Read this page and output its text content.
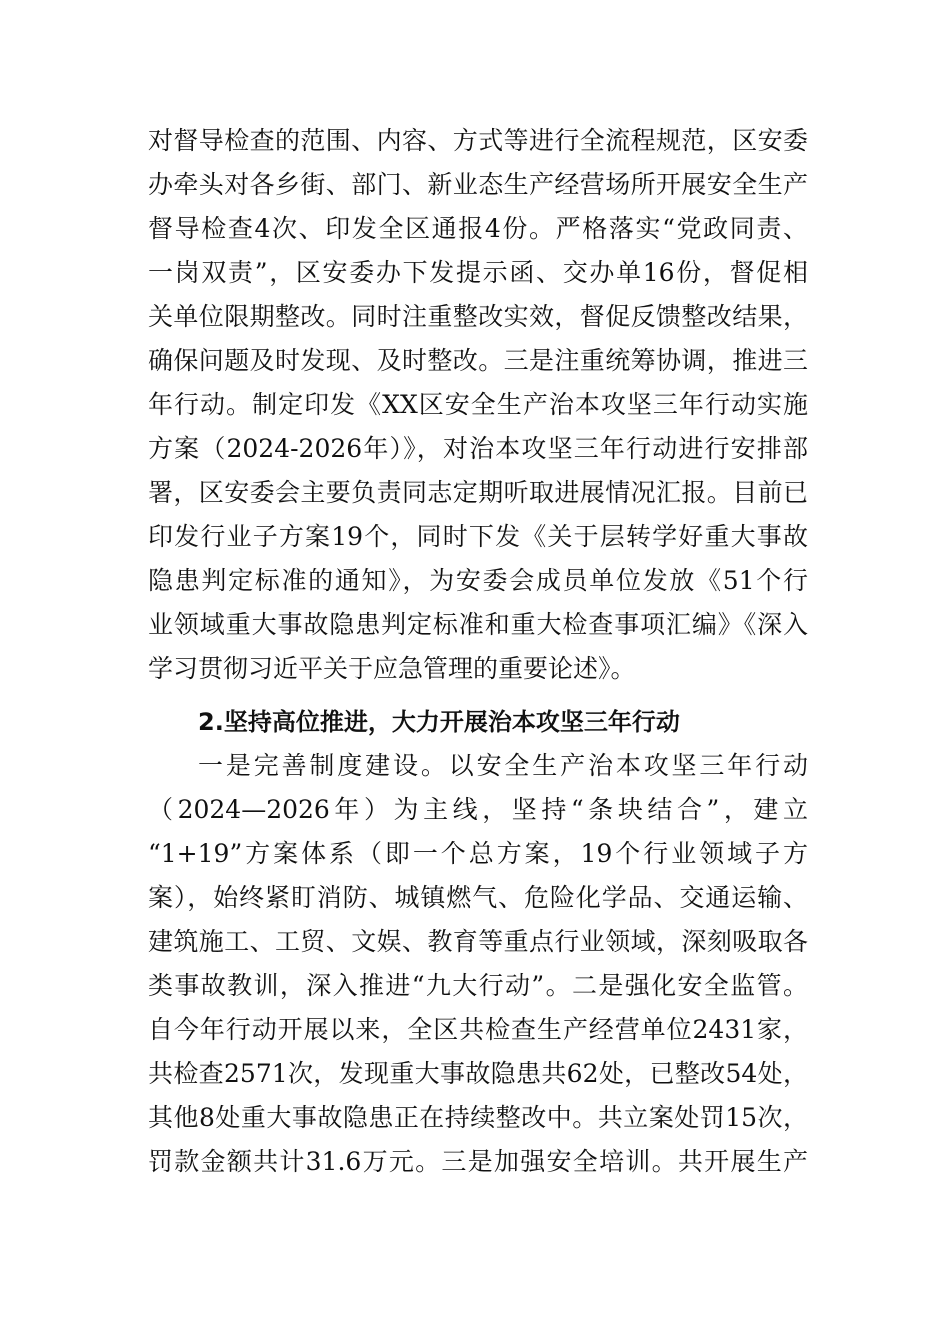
对督导检查的范围、内容、方式等进行全流程规范，区安委
办牵头对各乡街、部门、新业态生产经营场所开展安全生产
督导检查4次、印发全区通报4份。严格落实“党政同责、
一岗双责”，区安委办下发提示函、交办单16份，督促相
关单位限期整改。同时注重整改实效，督促反馈整改结果，
确保问题及时发现、及时整改。三是注重统筹协调，推进三
年行动。制定印发《XX区安全生产治本攻坚三年行动实施
方案（2024-2026年）》，对治本攻坚三年行动进行安排部
署，区安委会主要负责同志定期听取进展情况汇报。目前已
印发行业子方案19个，同时下发《关于层转学好重大事故
隐患判定标准的通知》，为安委会成员单位发放《51个行
业领域重大事故隐患判定标准和重大检查事项汇编》《深入
学习贯彻习近平关于应急管理的重要论述》。
2.坚持高位推进，大力开展治本攻坚三年行动
一是完善制度建设。以安全生产治本攻坚三年行动
（2024—2026年）为主线，坚持“条块结合”，建立
“1+19”方案体系（即一个总方案，19个行业领域子方
案），始终紧盯消防、城镇燃气、危险化学品、交通运输、
建筑施工、工贸、文娱、教育等重点行业领域，深刻吸取各
类事故教训，深入推进“九大行动”。二是强化安全监管。
自今年行动开展以来，全区共检查生产经营单位2431家，
共检查2571次，发现重大事故隐患共62处，已整改54处，
其他8处重大事故隐患正在持续整改中。共立案处罚15次，
罚款金额共计31.6万元。三是加强安全培训。共开展生产
